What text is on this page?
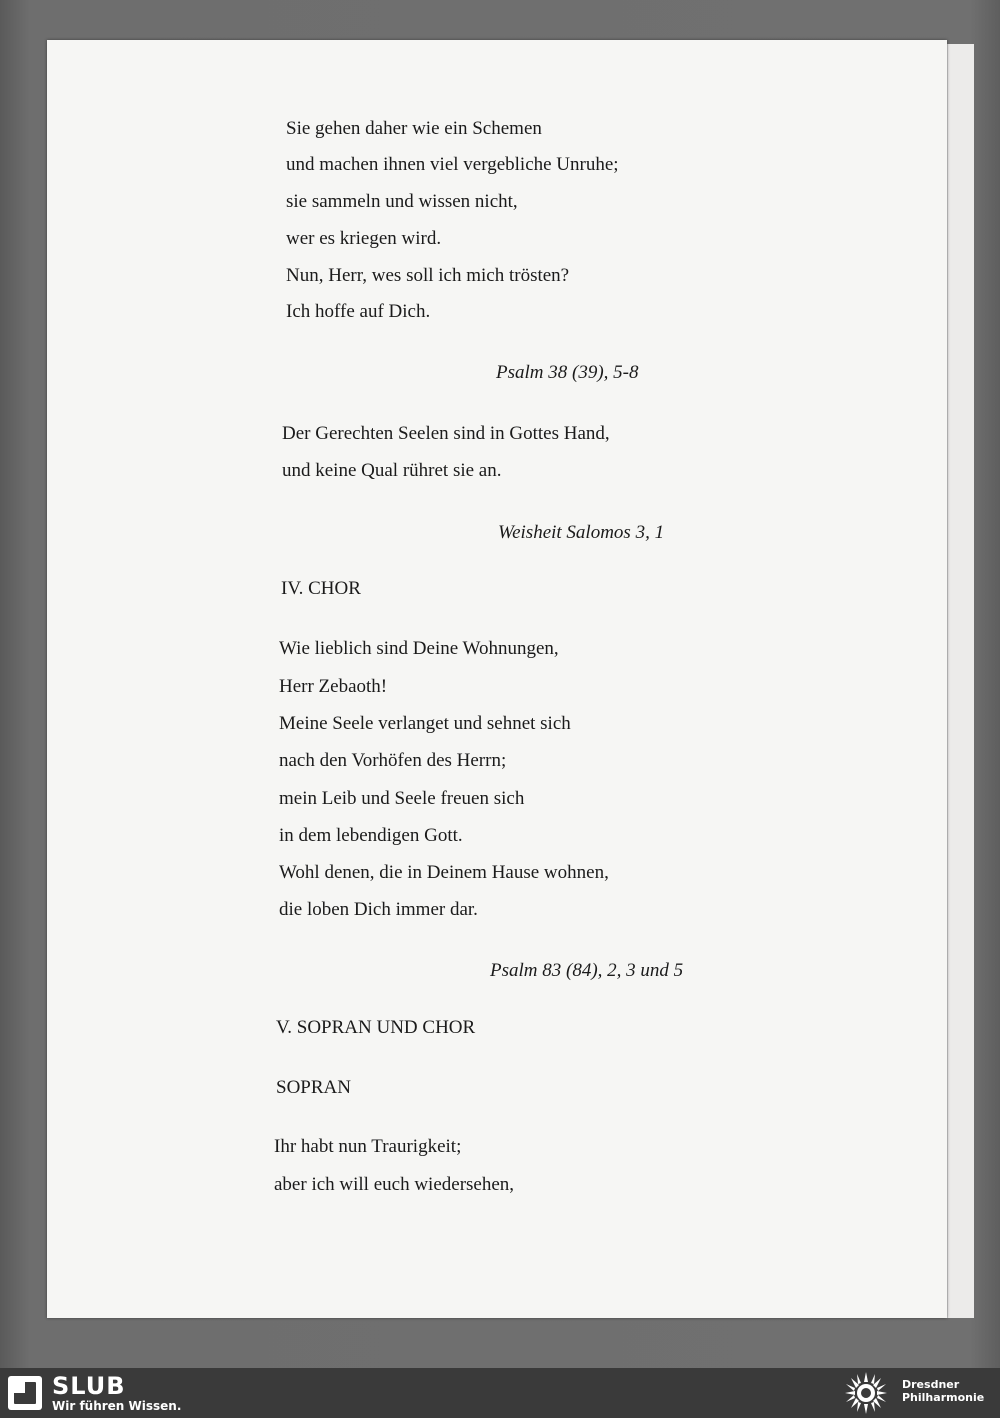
Sie gehen daher wie ein Schemen
und machen ihnen viel vergebliche Unruhe;
sie sammeln und wissen nicht,
wer es kriegen wird.
Nun, Herr, wes soll ich mich trösten?
Ich hoffe auf Dich.
Psalm 38 (39), 5-8
Der Gerechten Seelen sind in Gottes Hand,
und keine Qual rühret sie an.
Weisheit Salomos 3, 1
IV. CHOR
Wie lieblich sind Deine Wohnungen,
Herr Zebaoth!
Meine Seele verlanget und sehnet sich
nach den Vorhöfen des Herrn;
mein Leib und Seele freuen sich
in dem lebendigen Gott.
Wohl denen, die in Deinem Hause wohnen,
die loben Dich immer dar.
Psalm 83 (84), 2, 3 und 5
V. SOPRAN UND CHOR
SOPRAN
Ihr habt nun Traurigkeit;
aber ich will euch wiedersehen,
SLUB
Wir führen Wissen.
Dresdner
Philharmonie
